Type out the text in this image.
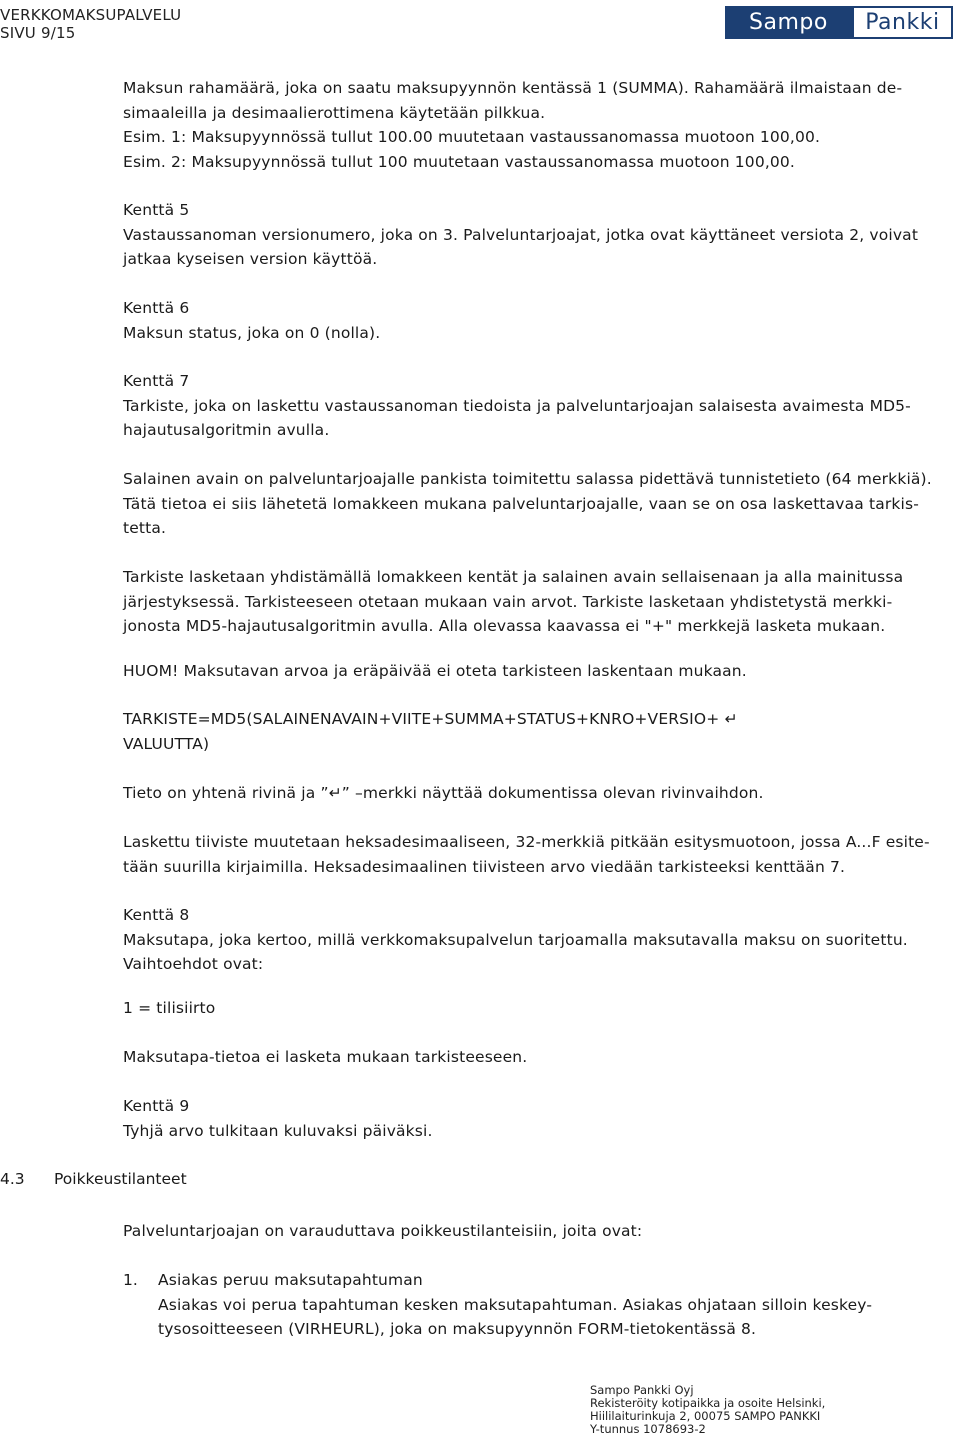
VERKKOMAKSUPALVELU
SIVU 9/15	Sampo	Pankki
Maksun rahamäärä, joka on saatu maksupyynnön kentässä 1 (SUMMA). Rahamäärä ilmaistaan de-
simaaleilla ja desimaalierottimena käytetään pilkkua.
Esim. 1: Maksupyynnössä tullut 100.00 muutetaan vastaussanomassa muotoon 100,00.
Esim. 2: Maksupyynnössä tullut 100 muutetaan vastaussanomassa muotoon 100,00.
Kenttä 5
Vastaussanoman versionumero, joka on 3. Palveluntarjoajat, jotka ovat käyttäneet versiota 2, voivat
jatkaa kyseisen version käyttöä.
Kenttä 6
Maksun status, joka on 0 (nolla).
Kenttä 7
Tarkiste, joka on laskettu vastaussanoman tiedoista ja palveluntarjoajan salaisesta avaimesta MD5-
hajautusalgoritmin avulla.
Salainen avain on palveluntarjoajalle pankista toimitettu salassa pidettävä tunnistetieto (64 merkkiä).
Tätä tietoa ei siis lähetetä lomakkeen mukana palveluntarjoajalle, vaan se on osa laskettavaa tarkis-
tetta.
Tarkiste lasketaan yhdistämällä lomakkeen kentät ja salainen avain sellaisenaan ja alla mainitussa
järjestyksessä. Tarkisteeseen otetaan mukaan vain arvot. Tarkiste lasketaan yhdistetystä merkki-
jonosta MD5-hajautusalgoritmin avulla. Alla olevassa kaavassa ei "+" merkkejä lasketa mukaan.
HUOM! Maksutavan arvoa ja eräpäivää ei oteta tarkisteen laskentaan mukaan.
TARKISTE=MD5(SALAINENAVAIN+VIITE+SUMMA+STATUS+KNRO+VERSIO+ ↵
VALUUTTA)
Tieto on yhtenä rivinä ja ”↵” –merkki näyttää dokumentissa olevan rivinvaihdon.
Laskettu tiiviste muutetaan heksadesimaaliseen, 32-merkkiä pitkään esitysmuotoon, jossa A...F esite-
tään suurilla kirjaimilla. Heksadesimaalinen tiivisteen arvo viedään tarkisteeksi kenttään 7.
Kenttä 8
Maksutapa, joka kertoo, millä verkkomaksupalvelun tarjoamalla maksutavalla maksu on suoritettu.
Vaihtoehdot ovat:
1 = tilisiirto
Maksutapa-tietoa ei lasketa mukaan tarkisteeseen.
Kenttä 9
Tyhjä arvo tulkitaan kuluvaksi päiväksi.
4.3 Poikkeustilanteet
Palveluntarjoajan on varauduttava poikkeustilanteisiin, joita ovat:
1. Asiakas peruu maksutapahtuman
Asiakas voi perua tapahtuman kesken maksutapahtuman. Asiakas ohjataan silloin keskey-
tysosoitteeseen (VIRHEURL), joka on maksupyynnön FORM-tietokentässä 8.
Sampo Pankki Oyj
Rekisteröity kotipaikka ja osoite Helsinki,
Hiililaiturinkuja 2, 00075 SAMPO PANKKI
Y-tunnus 1078693-2
